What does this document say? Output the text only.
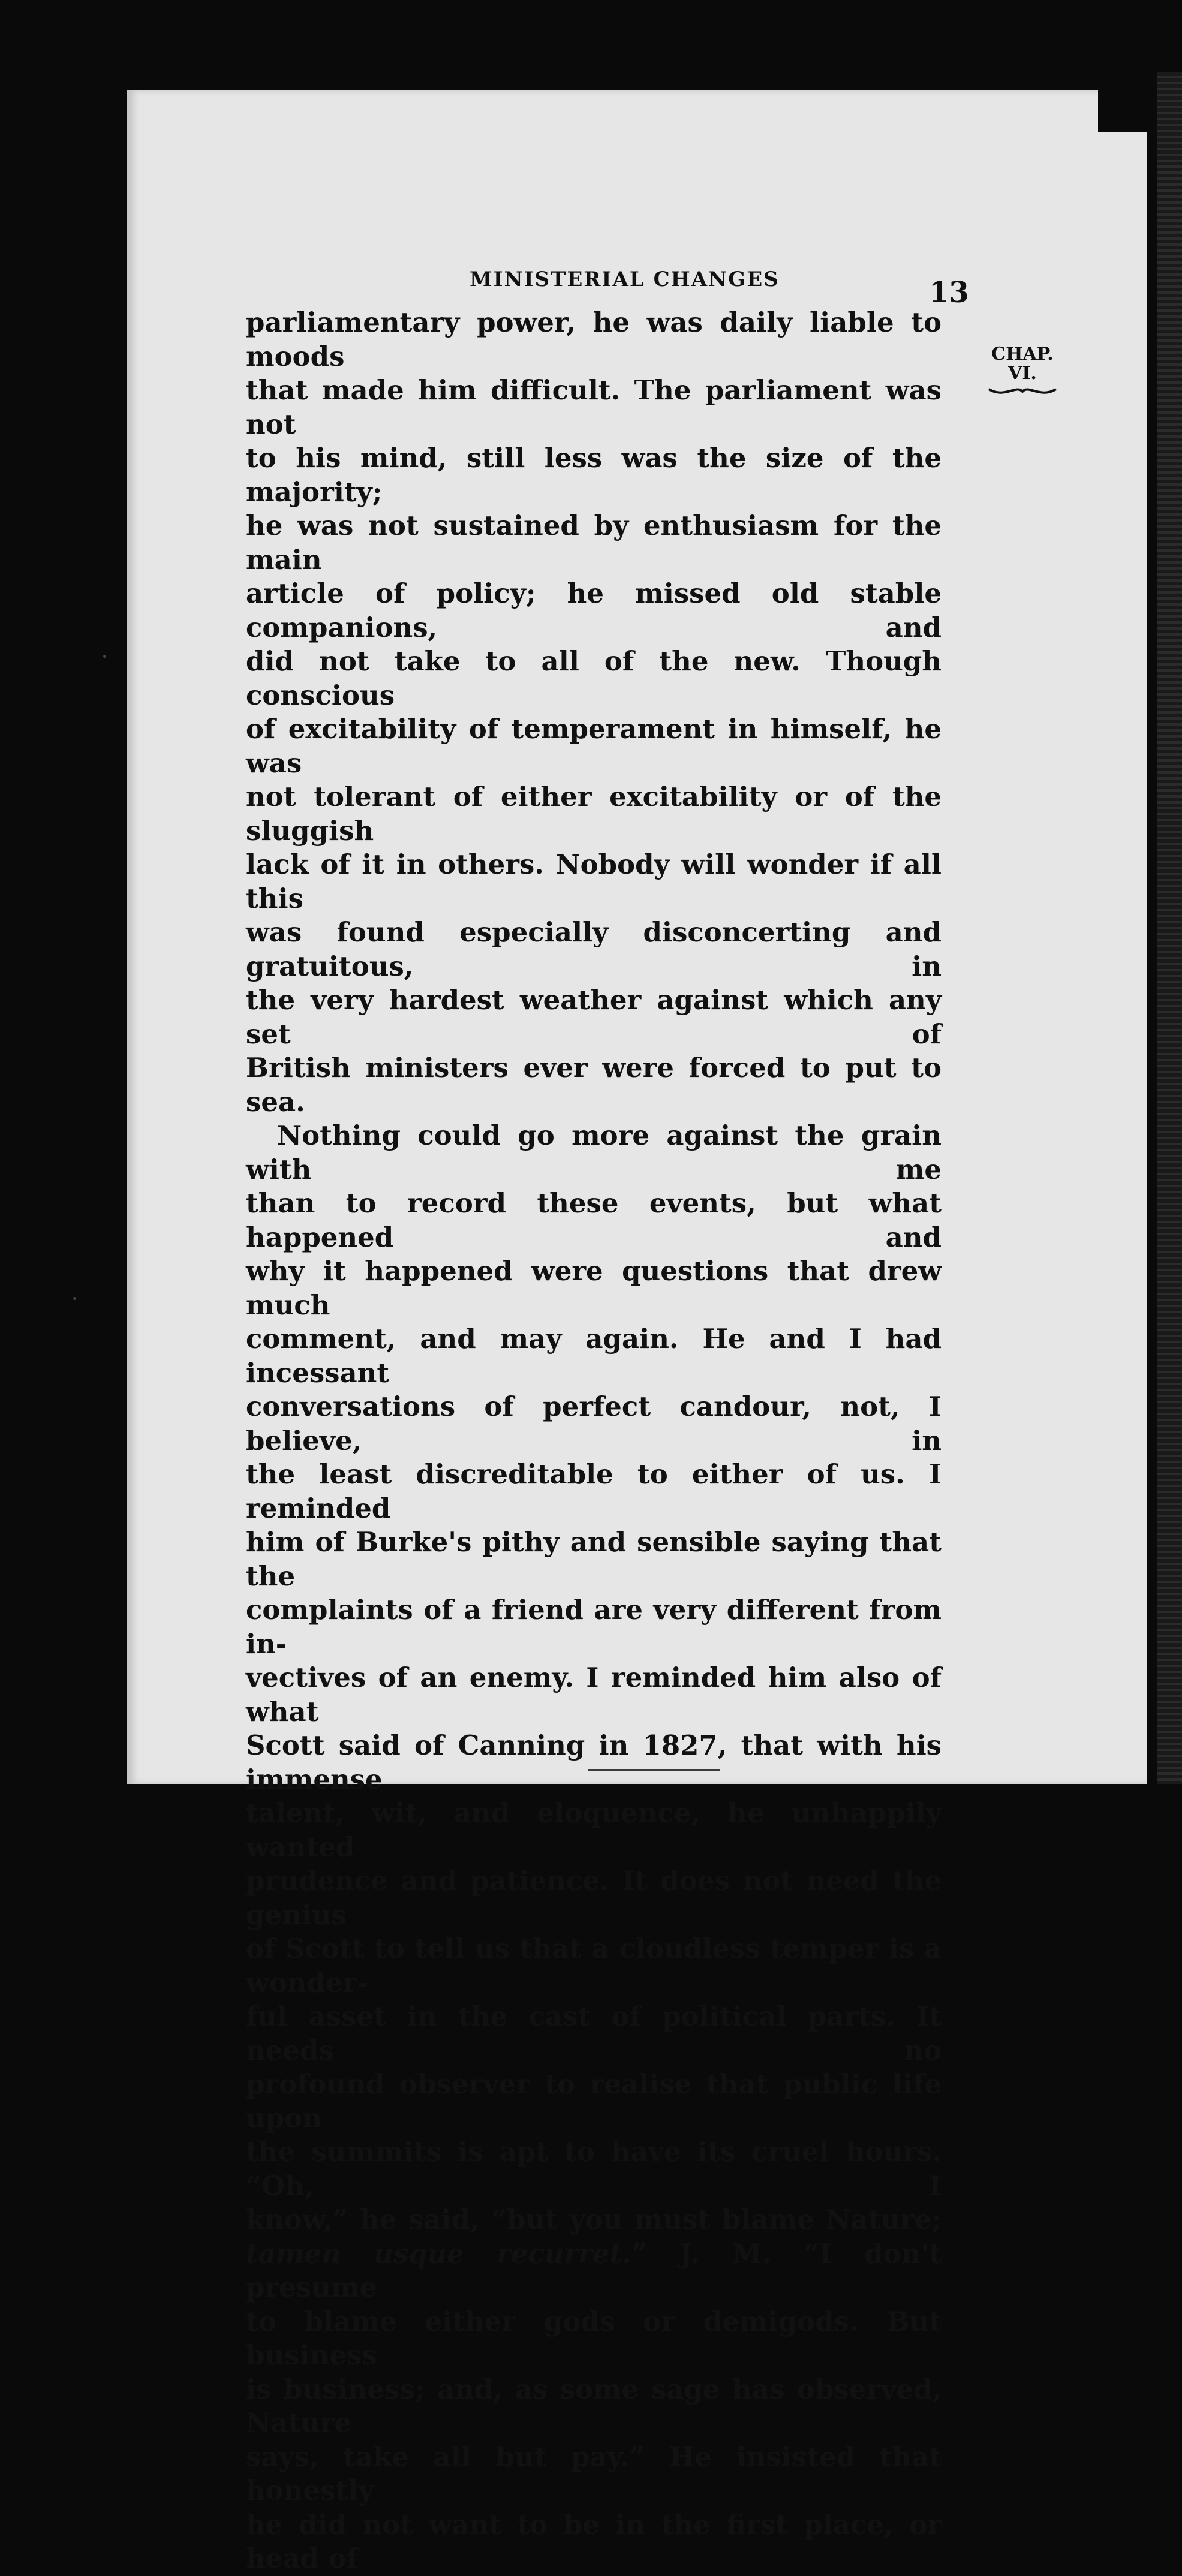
MINISTERIAL CHANGES	13
CHAP.
VI.

parliamentary power, he was daily liable to moods

that made him difficult. The parliament was not

to his mind, still less was the size of the majority;

he was not sustained by enthusiasm for the main

article of policy; he missed old stable companions, and

did not take to all of the new. Though conscious

of excitability of temperament in himself, he was

not tolerant of either excitability or of the sluggish

lack of it in others. Nobody will wonder if all this

was found especially disconcerting and gratuitous, in

the very hardest weather against which any set of

British ministers ever were forced to put to sea.

Nothing could go more against the grain with me

than to record these events, but what happened and

why it happened were questions that drew much

comment, and may again. He and I had incessant

conversations of perfect candour, not, I believe, in

the least discreditable to either of us. I reminded

him of Burke's pithy and sensible saying that the

complaints of a friend are very different from in-

vectives of an enemy. I reminded him also of what

Scott said of Canning in 1827, that with his immense

talent, wit, and eloquence, he unhappily wanted

prudence and patience. It does not need the genius

of Scott to tell us that a cloudless temper is a wonder-

ful asset in the cast of political parts. It needs no

profound observer to realise that public life upon

the summits is apt to have its cruel hours. “Oh, I

know,” he said, “but you must blame Nature;

tamen usque recurret.” J. M. “I don't presume

to blame either gods or demigods. But business

is business; and, as some sage has observed, Nature

says, take all but pay.” He insisted that honestly

he did not want to be in the first place, or head of
